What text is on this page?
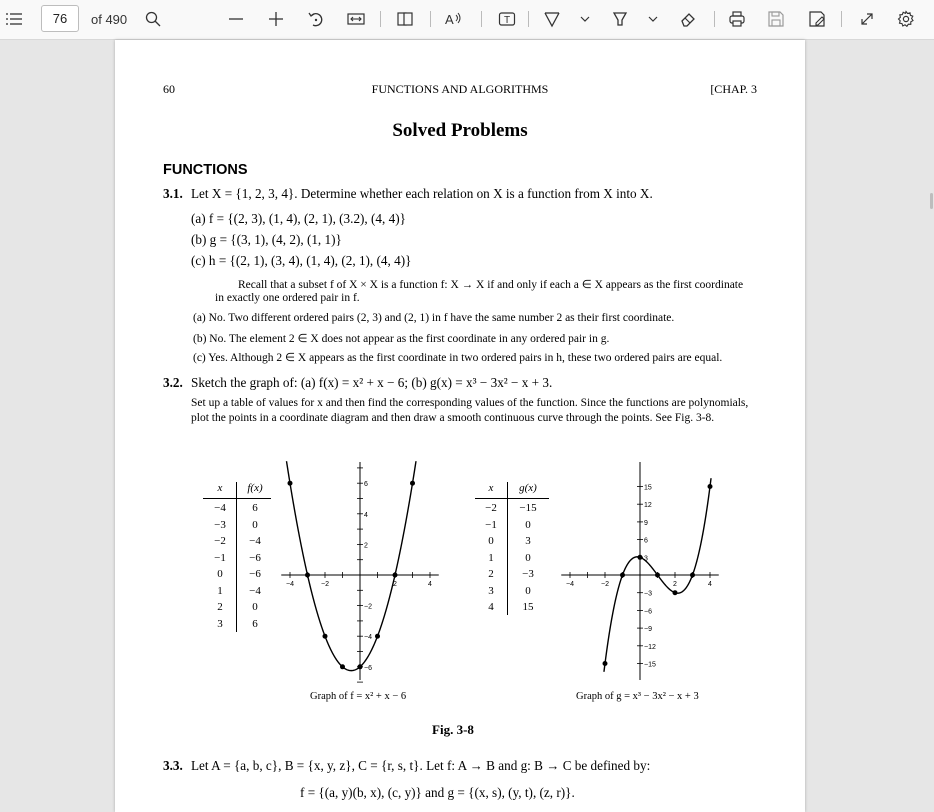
76	of 490	A	T
60	FUNCTIONS AND ALGORITHMS	[CHAP. 3
Solved Problems
FUNCTIONS
3.1. Let X = {1, 2, 3, 4}. Determine whether each relation on X is a function from X into X.
(a) f = {(2, 3), (1, 4), (2, 1), (3.2), (4, 4)}
(b) g = {(3, 1), (4, 2), (1, 1)}
(c) h = {(2, 1), (3, 4), (1, 4), (2, 1), (4, 4)}
Recall that a subset f of X × X is a function f: X → X if and only if each a ∈ X appears as the first coordinate
in exactly one ordered pair in f.
(a) No. Two different ordered pairs (2, 3) and (2, 1) in f have the same number 2 as their first coordinate.
(b) No. The element 2 ∈ X does not appear as the first coordinate in any ordered pair in g.
(c) Yes. Although 2 ∈ X appears as the first coordinate in two ordered pairs in h, these two ordered pairs are equal.
3.2. Sketch the graph of: (a) f(x) = x² + x − 6; (b) g(x) = x³ − 3x² − x + 3.
Set up a table of values for x and then find the corresponding values of the function. Since the functions are polynomials,
plot the points in a coordinate diagram and then draw a smooth continuous curve through the points. See Fig. 3-8.
x	f(x)
−4	6
−3	0
−2	−4
−1	−6
0	−6
1	−4
2	0
3	6
x	g(x)
−2	−15
−1	0
0	3
1	0
2	−3
3	0
4	15
−4	−2	2	4
6
4
2
−2
−4
−6
−4	−2	2	4
15
12
9
6
3
−3
−6
−9
−12
−15
Graph of f = x² + x − 6	Graph of g = x³ − 3x² − x + 3
Fig. 3-8
3.3. Let A = {a, b, c}, B = {x, y, z}, C = {r, s, t}. Let f: A → B and g: B → C be defined by:
f = {(a, y)(b, x), (c, y)} and g = {(x, s), (y, t), (z, r)}.
